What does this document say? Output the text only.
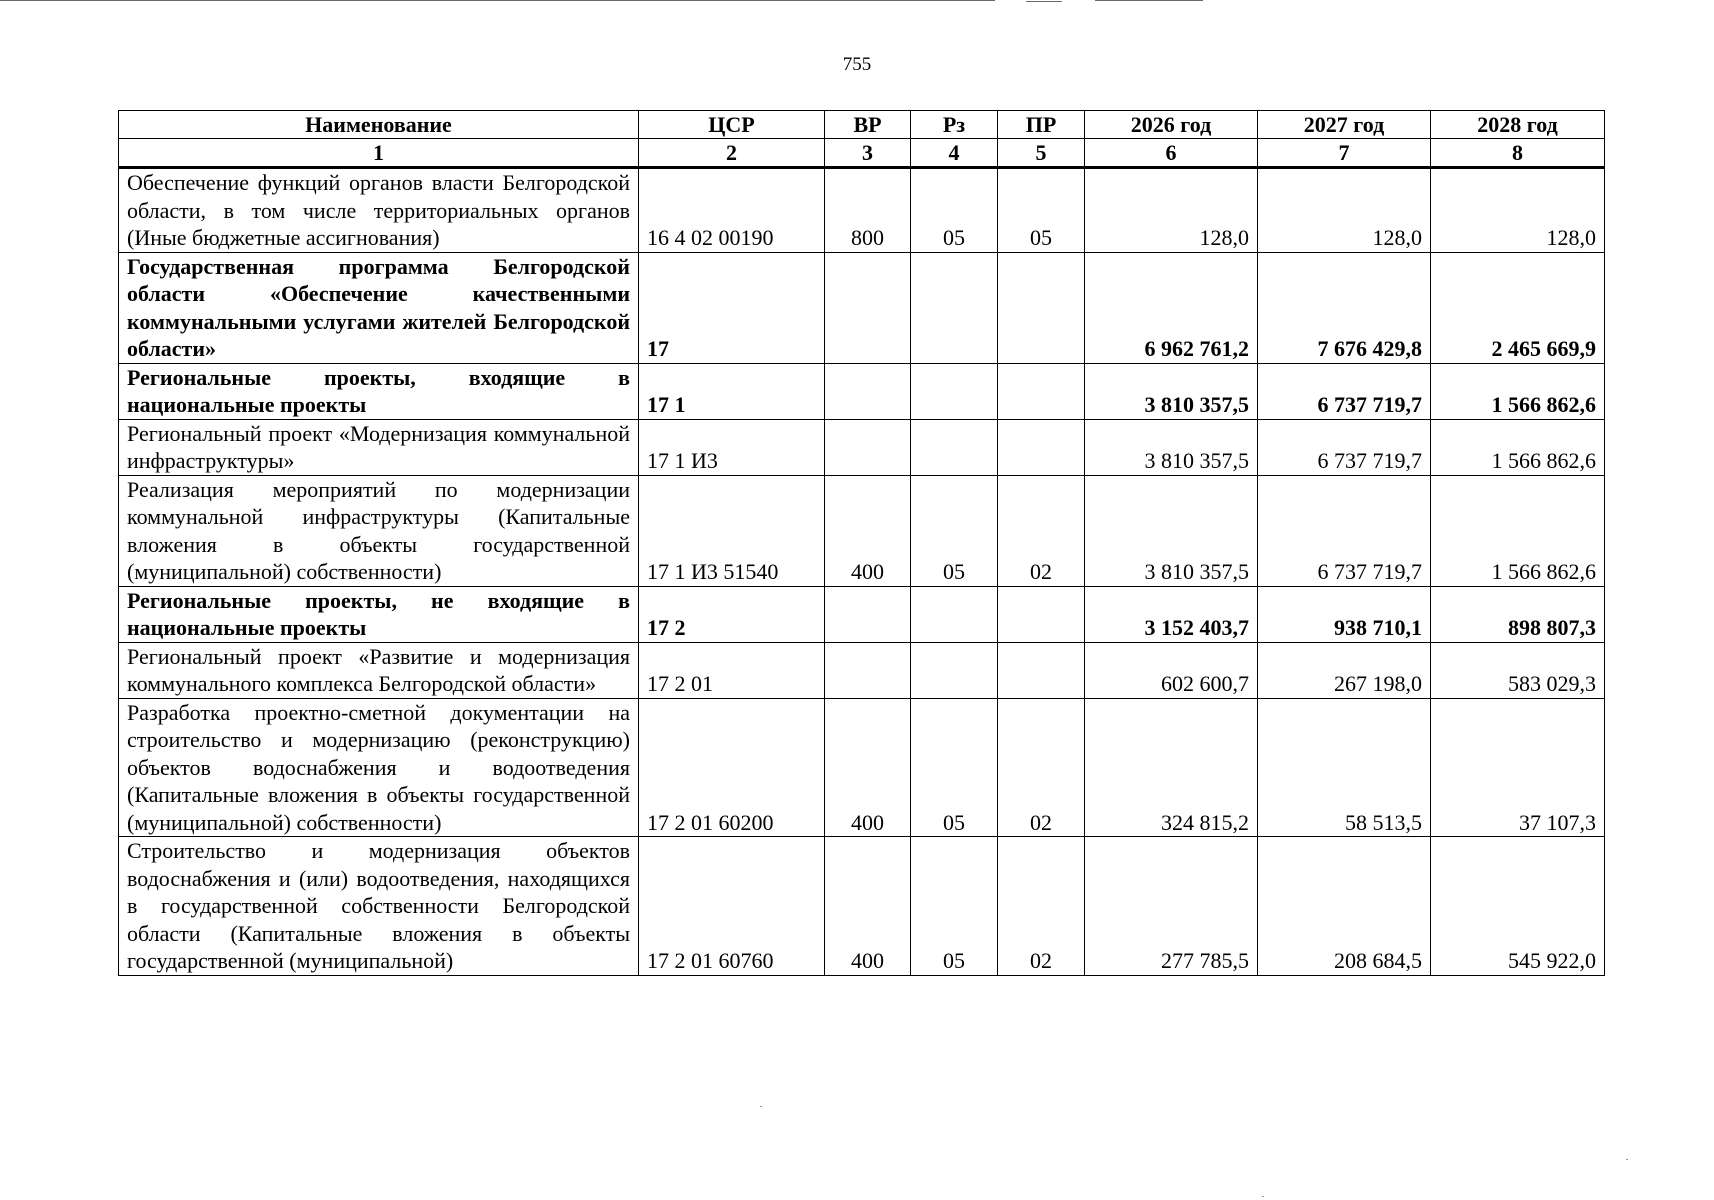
755
Наименование	ЦСР	ВР	Рз	ПР	2026 год	2027 год	2028 год
1	2	3	4	5	6	7	8
Обеспечение функций органов власти Белгородской области, в том числе территориальных органов (Иные бюджетные ассигнования)	16 4 02 00190	800	05	05	128,0	128,0	128,0
Государственная программа Белгородской области «Обеспечение качественными коммунальными услугами жителей Белгородской области»	17				6 962 761,2	7 676 429,8	2 465 669,9
Региональные проекты, входящие в национальные проекты	17 1				3 810 357,5	6 737 719,7	1 566 862,6
Региональный проект «Модернизация коммунальной инфраструктуры»	17 1 И3				3 810 357,5	6 737 719,7	1 566 862,6
Реализация мероприятий по модернизации коммунальной инфраструктуры (Капитальные вложения в объекты государственной (муниципальной) собственности)	17 1 И3 51540	400	05	02	3 810 357,5	6 737 719,7	1 566 862,6
Региональные проекты, не входящие в национальные проекты	17 2				3 152 403,7	938 710,1	898 807,3
Региональный проект «Развитие и модернизация коммунального комплекса Белгородской области»	17 2 01				602 600,7	267 198,0	583 029,3
Разработка проектно-сметной документации на строительство и модернизацию (реконструкцию) объектов водоснабжения и водоотведения (Капитальные вложения в объекты государственной (муниципальной) собственности)	17 2 01 60200	400	05	02	324 815,2	58 513,5	37 107,3
Строительство и модернизация объектов водоснабжения и (или) водоотведения, находящихся в государственной собственности Белгородской области (Капитальные вложения в объекты государственной (муниципальной)	17 2 01 60760	400	05	02	277 785,5	208 684,5	545 922,0
